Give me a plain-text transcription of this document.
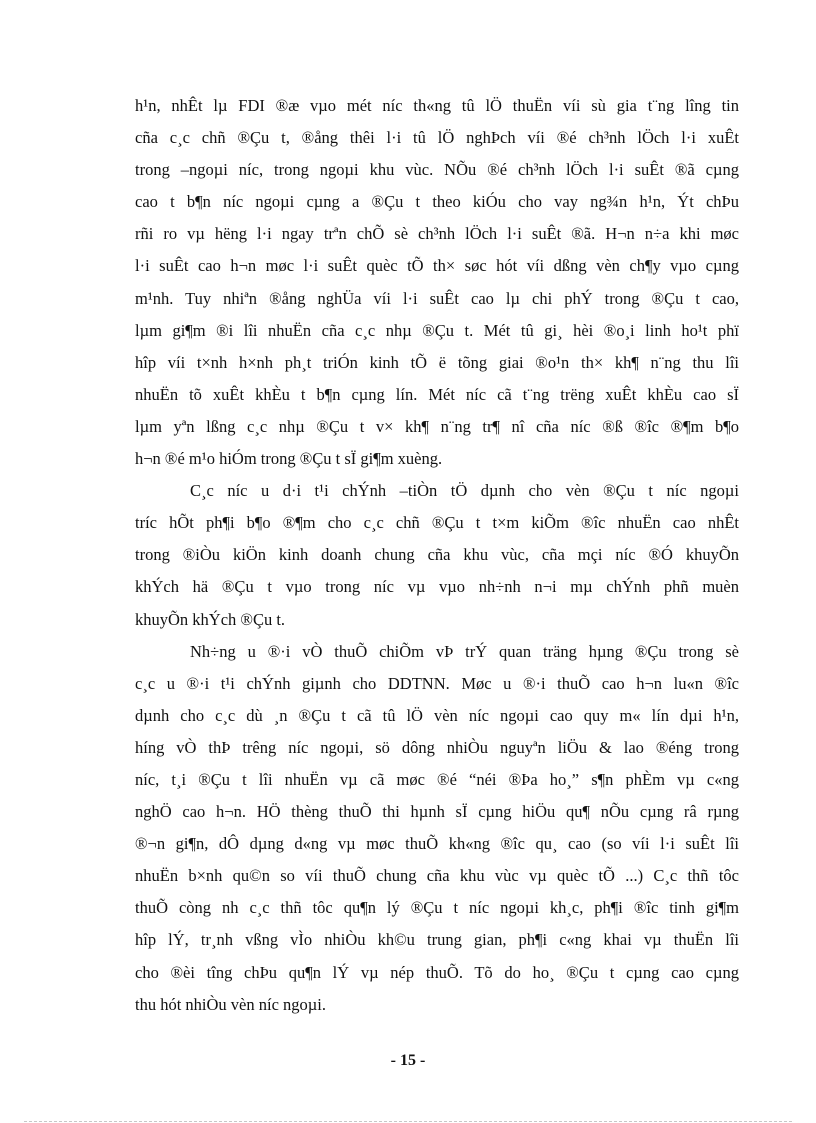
h¹n, nhÊt lµ FDI ®æ vµo mét níc th«ng tû lÖ thuËn víi sù gia t¨ng lîng tin
cña c¸c chñ ®Çu t, ®ång thêi l·i tû lÖ nghÞch víi ®é ch³nh lÖch l·i xuÊt
trong –ngoµi níc, trong ngoµi khu vùc. NÕu ®é ch³nh lÖch l·i suÊt ®ã cµng
cao t b¶n níc ngoµi cµng a ®Çu t theo kiÓu cho vay ng¾n h¹n, Ýt chÞu
rñi ro vµ hëng l·i ngay trªn chÕ sè ch³nh lÖch l·i suÊt ®ã. H¬n n÷a khi møc
l·i suÊt cao h¬n møc l·i suÊt quèc tÕ th× søc hót víi dßng vèn ch¶y vµo cµng
m¹nh. Tuy nhiªn ®ång nghÜa víi l·i suÊt cao lµ chi phÝ trong ®Çu t cao,
lµm gi¶m ®i lîi nhuËn cña c¸c nhµ ®Çu t. Mét tû gi¸ hèi ®o¸i linh ho¹t phï
hîp víi t×nh h×nh ph¸t triÓn kinh tÕ ë tõng giai ®o¹n th× kh¶ n¨ng thu lîi
nhuËn tõ xuÊt khÈu t b¶n cµng lín. Mét níc cã t¨ng trëng xuÊt khÈu cao sÏ
lµm yªn lßng c¸c nhµ ®Çu t v× kh¶ n¨ng tr¶ nî cña níc ®ß ®îc ®¶m b¶o
h¬n ®é m¹o hiÓm trong ®Çu t sÏ gi¶m xuèng.
C¸c níc u d·i t¹i chÝnh –tiÒn tÖ dµnh cho vèn ®Çu t níc ngoµi
tríc hÕt ph¶i b¶o ®¶m cho c¸c chñ ®Çu t t×m kiÕm ®îc nhuËn cao nhÊt
trong ®iÒu kiÖn kinh doanh chung cña khu vùc, cña mçi níc ®Ó khuyÕn
khÝch hä ®Çu t vµo trong níc vµ vµo nh÷nh n¬i mµ chÝnh phñ muèn
khuyÕn khÝch ®Çu t.
Nh÷ng u ®·i vÒ thuÕ chiÕm vÞ trÝ quan träng hµng ®Çu trong sè
c¸c u ®·i t¹i chÝnh giµnh cho DDTNN. Møc u ®·i thuÕ cao h¬n lu«n ®îc
dµnh cho c¸c dù ¸n ®Çu t cã tû lÖ vèn níc ngoµi cao quy m« lín dµi h¹n,
híng vÒ thÞ trêng níc ngoµi, sö dông nhiÒu nguyªn liÖu & lao ®éng trong
níc, t¸i ®Çu t lîi nhuËn vµ cã møc ®é “néi ®Þa ho¸” s¶n phÈm vµ c«ng
nghÖ cao h¬n. HÖ thèng thuÕ thi hµnh sÏ cµng hiÖu qu¶ nÕu cµng râ rµng
®¬n gi¶n, dÔ dµng d«ng vµ møc thuÕ kh«ng ®îc qu¸ cao (so víi l·i suÊt lîi
nhuËn b×nh qu©n so víi thuÕ chung cña khu vùc vµ quèc tÕ ...) C¸c thñ tôc
thuÕ còng nh c¸c thñ tôc qu¶n lý ®Çu t níc ngoµi kh¸c, ph¶i ®îc tinh gi¶m
hîp lÝ, tr¸nh vßng vÌo nhiÒu kh©u trung gian, ph¶i c«ng khai vµ thuËn lîi
cho ®èi tîng chÞu qu¶n lÝ vµ nép thuÕ. Tõ do ho¸ ®Çu t cµng cao cµng
thu hót nhiÒu vèn níc ngoµi.
- 15 -
